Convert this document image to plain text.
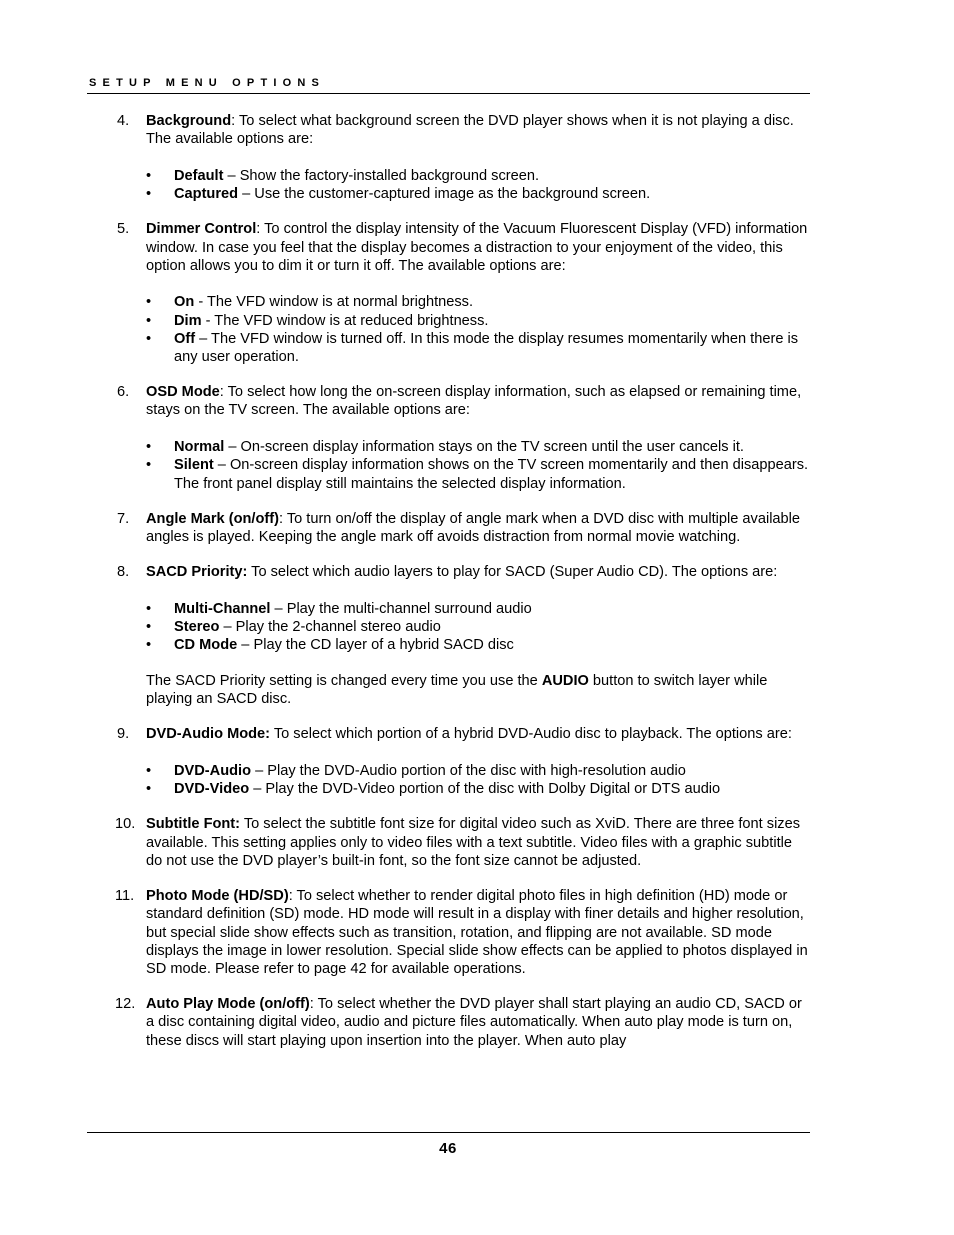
SETUP MENU OPTIONS
4. Background: To select what background screen the DVD player shows when it is not playing a disc. The available options are:

• Default – Show the factory-installed background screen.
• Captured – Use the customer-captured image as the background screen.
5. Dimmer Control: To control the display intensity of the Vacuum Fluorescent Display (VFD) information window. In case you feel that the display becomes a distraction to your enjoyment of the video, this option allows you to dim it or turn it off. The available options are:

• On - The VFD window is at normal brightness.
• Dim - The VFD window is at reduced brightness.
• Off – The VFD window is turned off. In this mode the display resumes momentarily when there is any user operation.
6. OSD Mode: To select how long the on-screen display information, such as elapsed or remaining time, stays on the TV screen. The available options are:

• Normal – On-screen display information stays on the TV screen until the user cancels it.
• Silent – On-screen display information shows on the TV screen momentarily and then disappears. The front panel display still maintains the selected display information.
7. Angle Mark (on/off): To turn on/off the display of angle mark when a DVD disc with multiple available angles is played. Keeping the angle mark off avoids distraction from normal movie watching.

8. SACD Priority: To select which audio layers to play for SACD (Super Audio CD). The options are:

• Multi-Channel – Play the multi-channel surround audio
• Stereo – Play the 2-channel stereo audio
• CD Mode – Play the CD layer of a hybrid SACD disc

The SACD Priority setting is changed every time you use the AUDIO button to switch layer while playing an SACD disc.

9. DVD-Audio Mode: To select which portion of a hybrid DVD-Audio disc to playback. The options are:

• DVD-Audio – Play the DVD-Audio portion of the disc with high-resolution audio
• DVD-Video – Play the DVD-Video portion of the disc with Dolby Digital or DTS audio
10. Subtitle Font: To select the subtitle font size for digital video such as XviD. There are three font sizes available. This setting applies only to video files with a text subtitle. Video files with a graphic subtitle do not use the DVD player’s built-in font, so the font size cannot be adjusted.

11. Photo Mode (HD/SD): To select whether to render digital photo files in high definition (HD) mode or standard definition (SD) mode. HD mode will result in a display with finer details and higher resolution, but special slide show effects such as transition, rotation, and flipping are not available. SD mode displays the image in lower resolution. Special slide show effects can be applied to photos displayed in SD mode. Please refer to page 42 for available operations.

12. Auto Play Mode (on/off): To select whether the DVD player shall start playing an audio CD, SACD or a disc containing digital video, audio and picture files automatically. When auto play mode is turn on, these discs will start playing upon insertion into the player. When auto play

46
